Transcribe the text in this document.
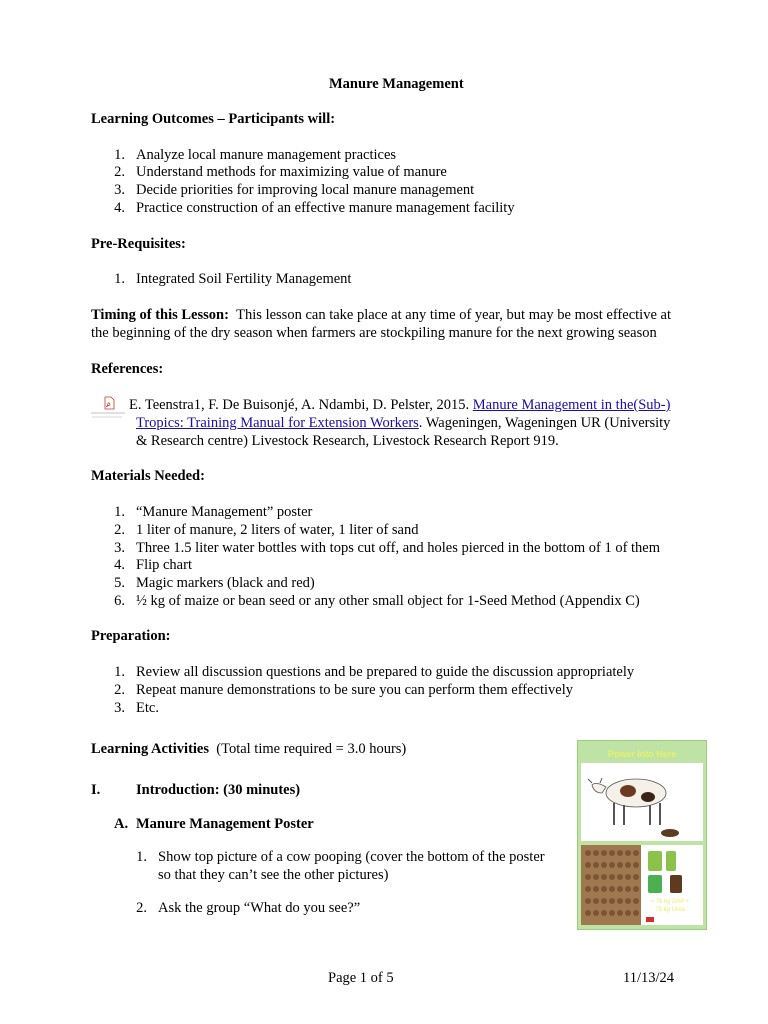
Manure Management
Learning Outcomes – Participants will:
1. Analyze local manure management practices
2. Understand methods for maximizing value of manure
3. Decide priorities for improving local manure management
4. Practice construction of an effective manure management facility
Pre-Requisites:
1. Integrated Soil Fertility Management
Timing of this Lesson: This lesson can take place at any time of year, but may be most effective at
the beginning of the dry season when farmers are stockpiling manure for the next growing season
References:
E. Teenstra1, F. De Buisonjé, A. Ndambi, D. Pelster, 2015. Manure Management in the(Sub-)
Tropics: Training Manual for Extension Workers. Wageningen, Wageningen UR (University
& Research centre) Livestock Research, Livestock Research Report 919.
Materials Needed:
1. “Manure Management” poster
2. 1 liter of manure, 2 liters of water, 1 liter of sand
3. Three 1.5 liter water bottles with tops cut off, and holes pierced in the bottom of 1 of them
4. Flip chart
5. Magic markers (black and red)
6. ½ kg of maize or bean seed or any other small object for 1-Seed Method (Appendix C)
Preparation:
1. Review all discussion questions and be prepared to guide the discussion appropriately
2. Repeat manure demonstrations to be sure you can perform them effectively
3. Etc.
Learning Activities (Total time required = 3.0 hours)
I. Introduction: (30 minutes)
A. Manure Management Poster
1. Show top picture of a cow pooping (cover the bottom of the poster
so that they can’t see the other pictures)
2. Ask the group “What do you see?”
Power Into Here
= 75 kg DAP +
75 kg Urea
Page 1 of 5	11/13/24
